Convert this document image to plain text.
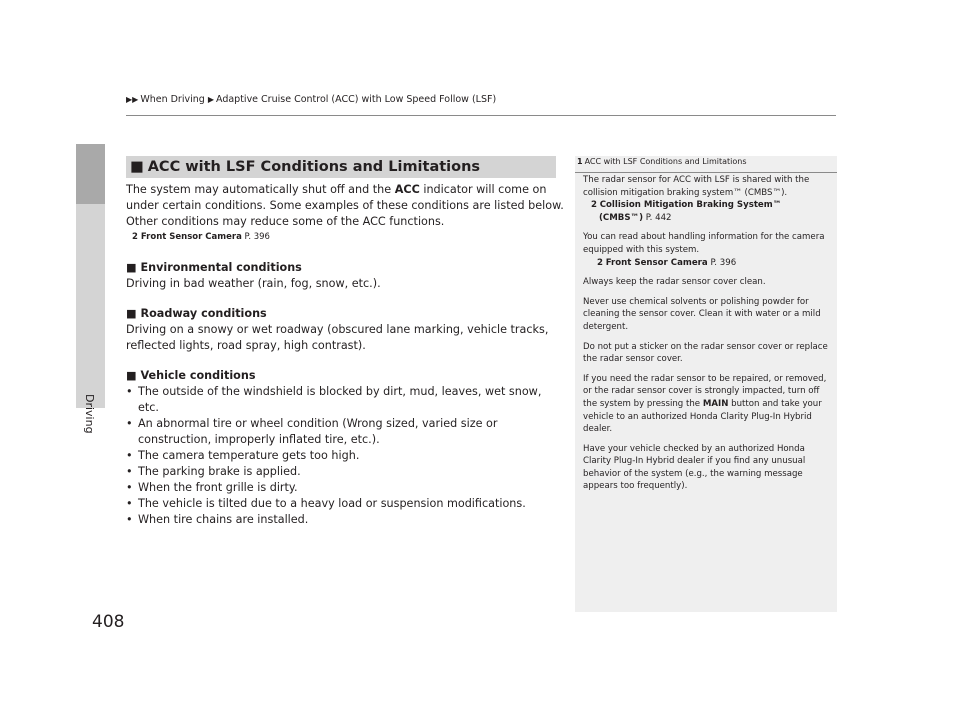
Driving
408
▶▶ When Driving ▶ Adaptive Cruise Control (ACC) with Low Speed Follow (LSF)
■ ACC with LSF Conditions and Limitations

The system may automatically shut off and the ACC indicator will come on under certain conditions. Some examples of these conditions are listed below. Other conditions may reduce some of the ACC functions.

2 Front Sensor Camera P. 396

■ Environmental conditions

Driving in bad weather (rain, fog, snow, etc.).

■ Roadway conditions

Driving on a snowy or wet roadway (obscured lane marking, vehicle tracks, reflected lights, road spray, high contrast).

■ Vehicle conditions

• The outside of the windshield is blocked by dirt, mud, leaves, wet snow, etc.
• An abnormal tire or wheel condition (Wrong sized, varied size or construction, improperly inflated tire, etc.).
• The camera temperature gets too high.
• The parking brake is applied.
• When the front grille is dirty.
• The vehicle is tilted due to a heavy load or suspension modifications.
• When tire chains are installed.
1 ACC with LSF Conditions and Limitations

The radar sensor for ACC with LSF is shared with the collision mitigation braking system™ (CMBS™).

2 Collision Mitigation Braking System™
(CMBS™) P. 442

You can read about handling information for the camera equipped with this system.

2 Front Sensor Camera P. 396

Always keep the radar sensor cover clean.

Never use chemical solvents or polishing powder for cleaning the sensor cover. Clean it with water or a mild detergent.

Do not put a sticker on the radar sensor cover or replace the radar sensor cover.

If you need the radar sensor to be repaired, or removed, or the radar sensor cover is strongly impacted, turn off the system by pressing the MAIN button and take your vehicle to an authorized Honda Clarity Plug-In Hybrid dealer.

Have your vehicle checked by an authorized Honda Clarity Plug-In Hybrid dealer if you find any unusual behavior of the system (e.g., the warning message appears too frequently).
